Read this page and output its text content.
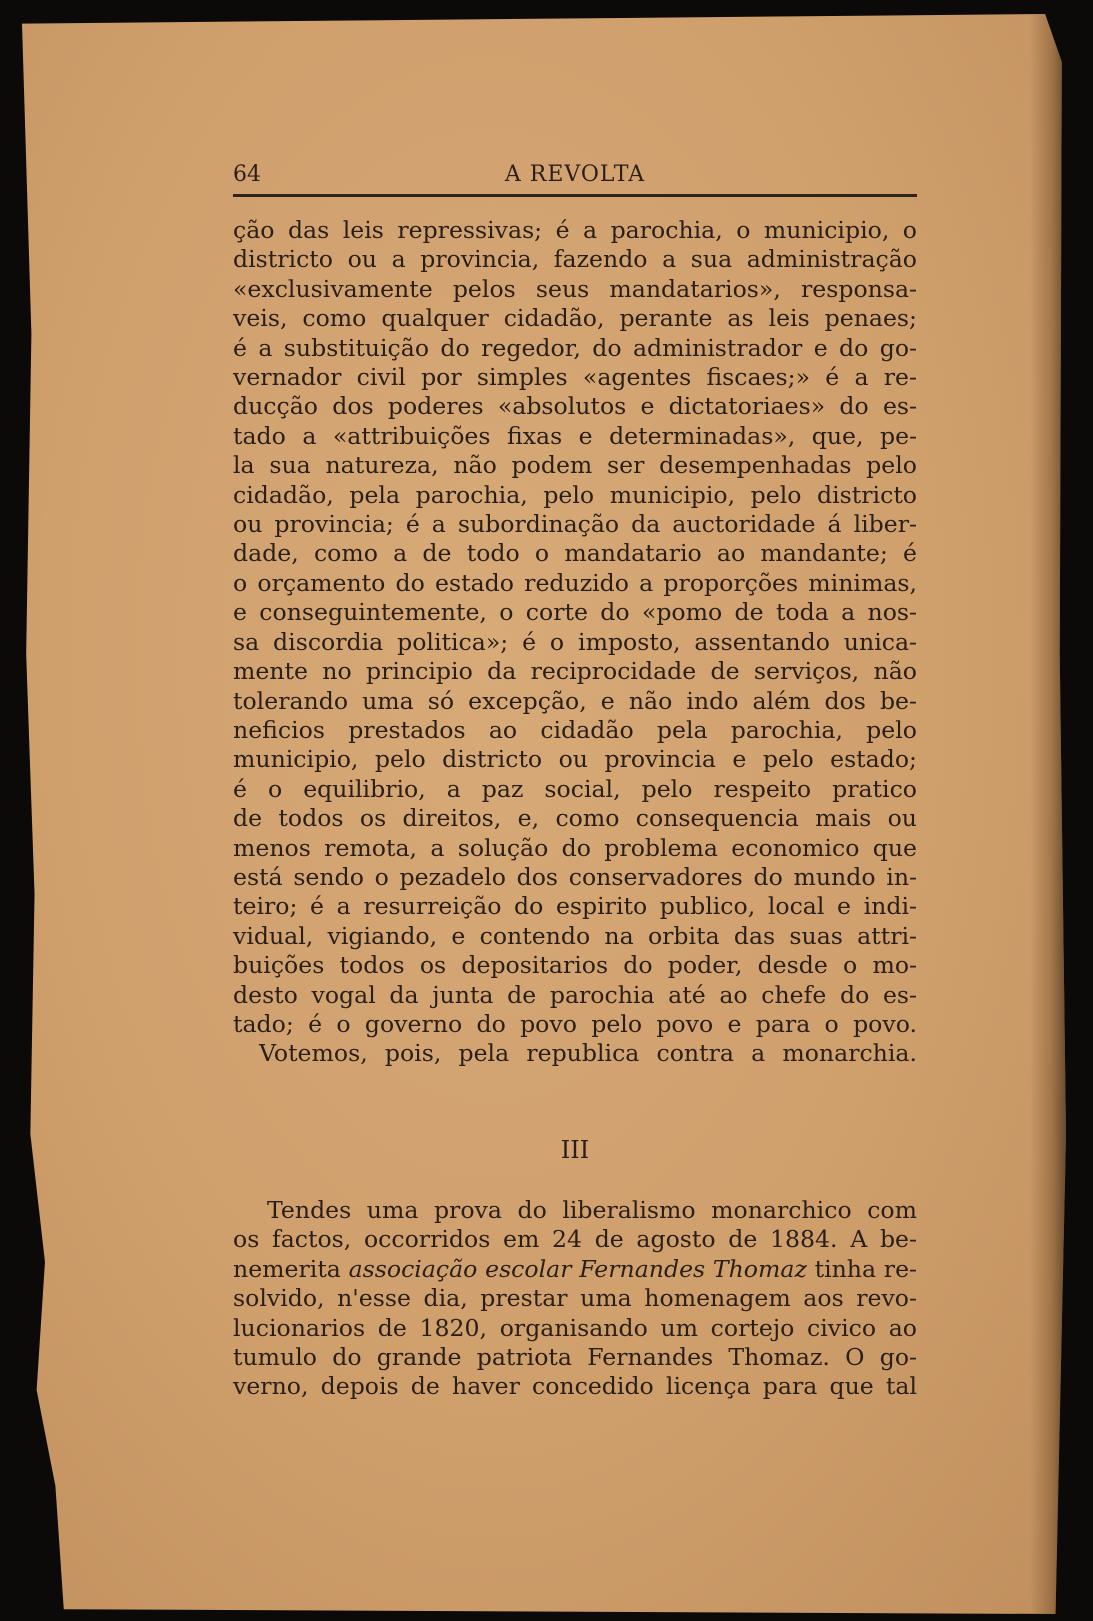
64	A REVOLTA
ção das leis repressivas; é a parochia, o municipio, o
districto ou a provincia, fazendo a sua administração
«exclusivamente pelos seus mandatarios», responsa-
veis, como qualquer cidadão, perante as leis penaes;
é a substituição do regedor, do administrador e do go-
vernador civil por simples «agentes fiscaes;» é a re-
ducção dos poderes «absolutos e dictatoriaes» do es-
tado a «attribuições fixas e determinadas», que, pe-
la sua natureza, não podem ser desempenhadas pelo
cidadão, pela parochia, pelo municipio, pelo districto
ou provincia; é a subordinação da auctoridade á liber-
dade, como a de todo o mandatario ao mandante; é
o orçamento do estado reduzido a proporções minimas,
e conseguintemente, o corte do «pomo de toda a nos-
sa discordia politica»; é o imposto, assentando unica-
mente no principio da reciprocidade de serviços, não
tolerando uma só excepção, e não indo além dos be-
neficios prestados ao cidadão pela parochia, pelo
municipio, pelo districto ou provincia e pelo estado;
é o equilibrio, a paz social, pelo respeito pratico
de todos os direitos, e, como consequencia mais ou
menos remota, a solução do problema economico que
está sendo o pezadelo dos conservadores do mundo in-
teiro; é a resurreição do espirito publico, local e indi-
vidual, vigiando, e contendo na orbita das suas attri-
buições todos os depositarios do poder, desde o mo-
desto vogal da junta de parochia até ao chefe do es-
tado; é o governo do povo pelo povo e para o povo.
Votemos, pois, pela republica contra a monarchia.
III
Tendes uma prova do liberalismo monarchico com
os factos, occorridos em 24 de agosto de 1884. A be-
nemerita associação escolar Fernandes Thomaz tinha re-
solvido, n'esse dia, prestar uma homenagem aos revo-
lucionarios de 1820, organisando um cortejo civico ao
tumulo do grande patriota Fernandes Thomaz. O go-
verno, depois de haver concedido licença para que tal
